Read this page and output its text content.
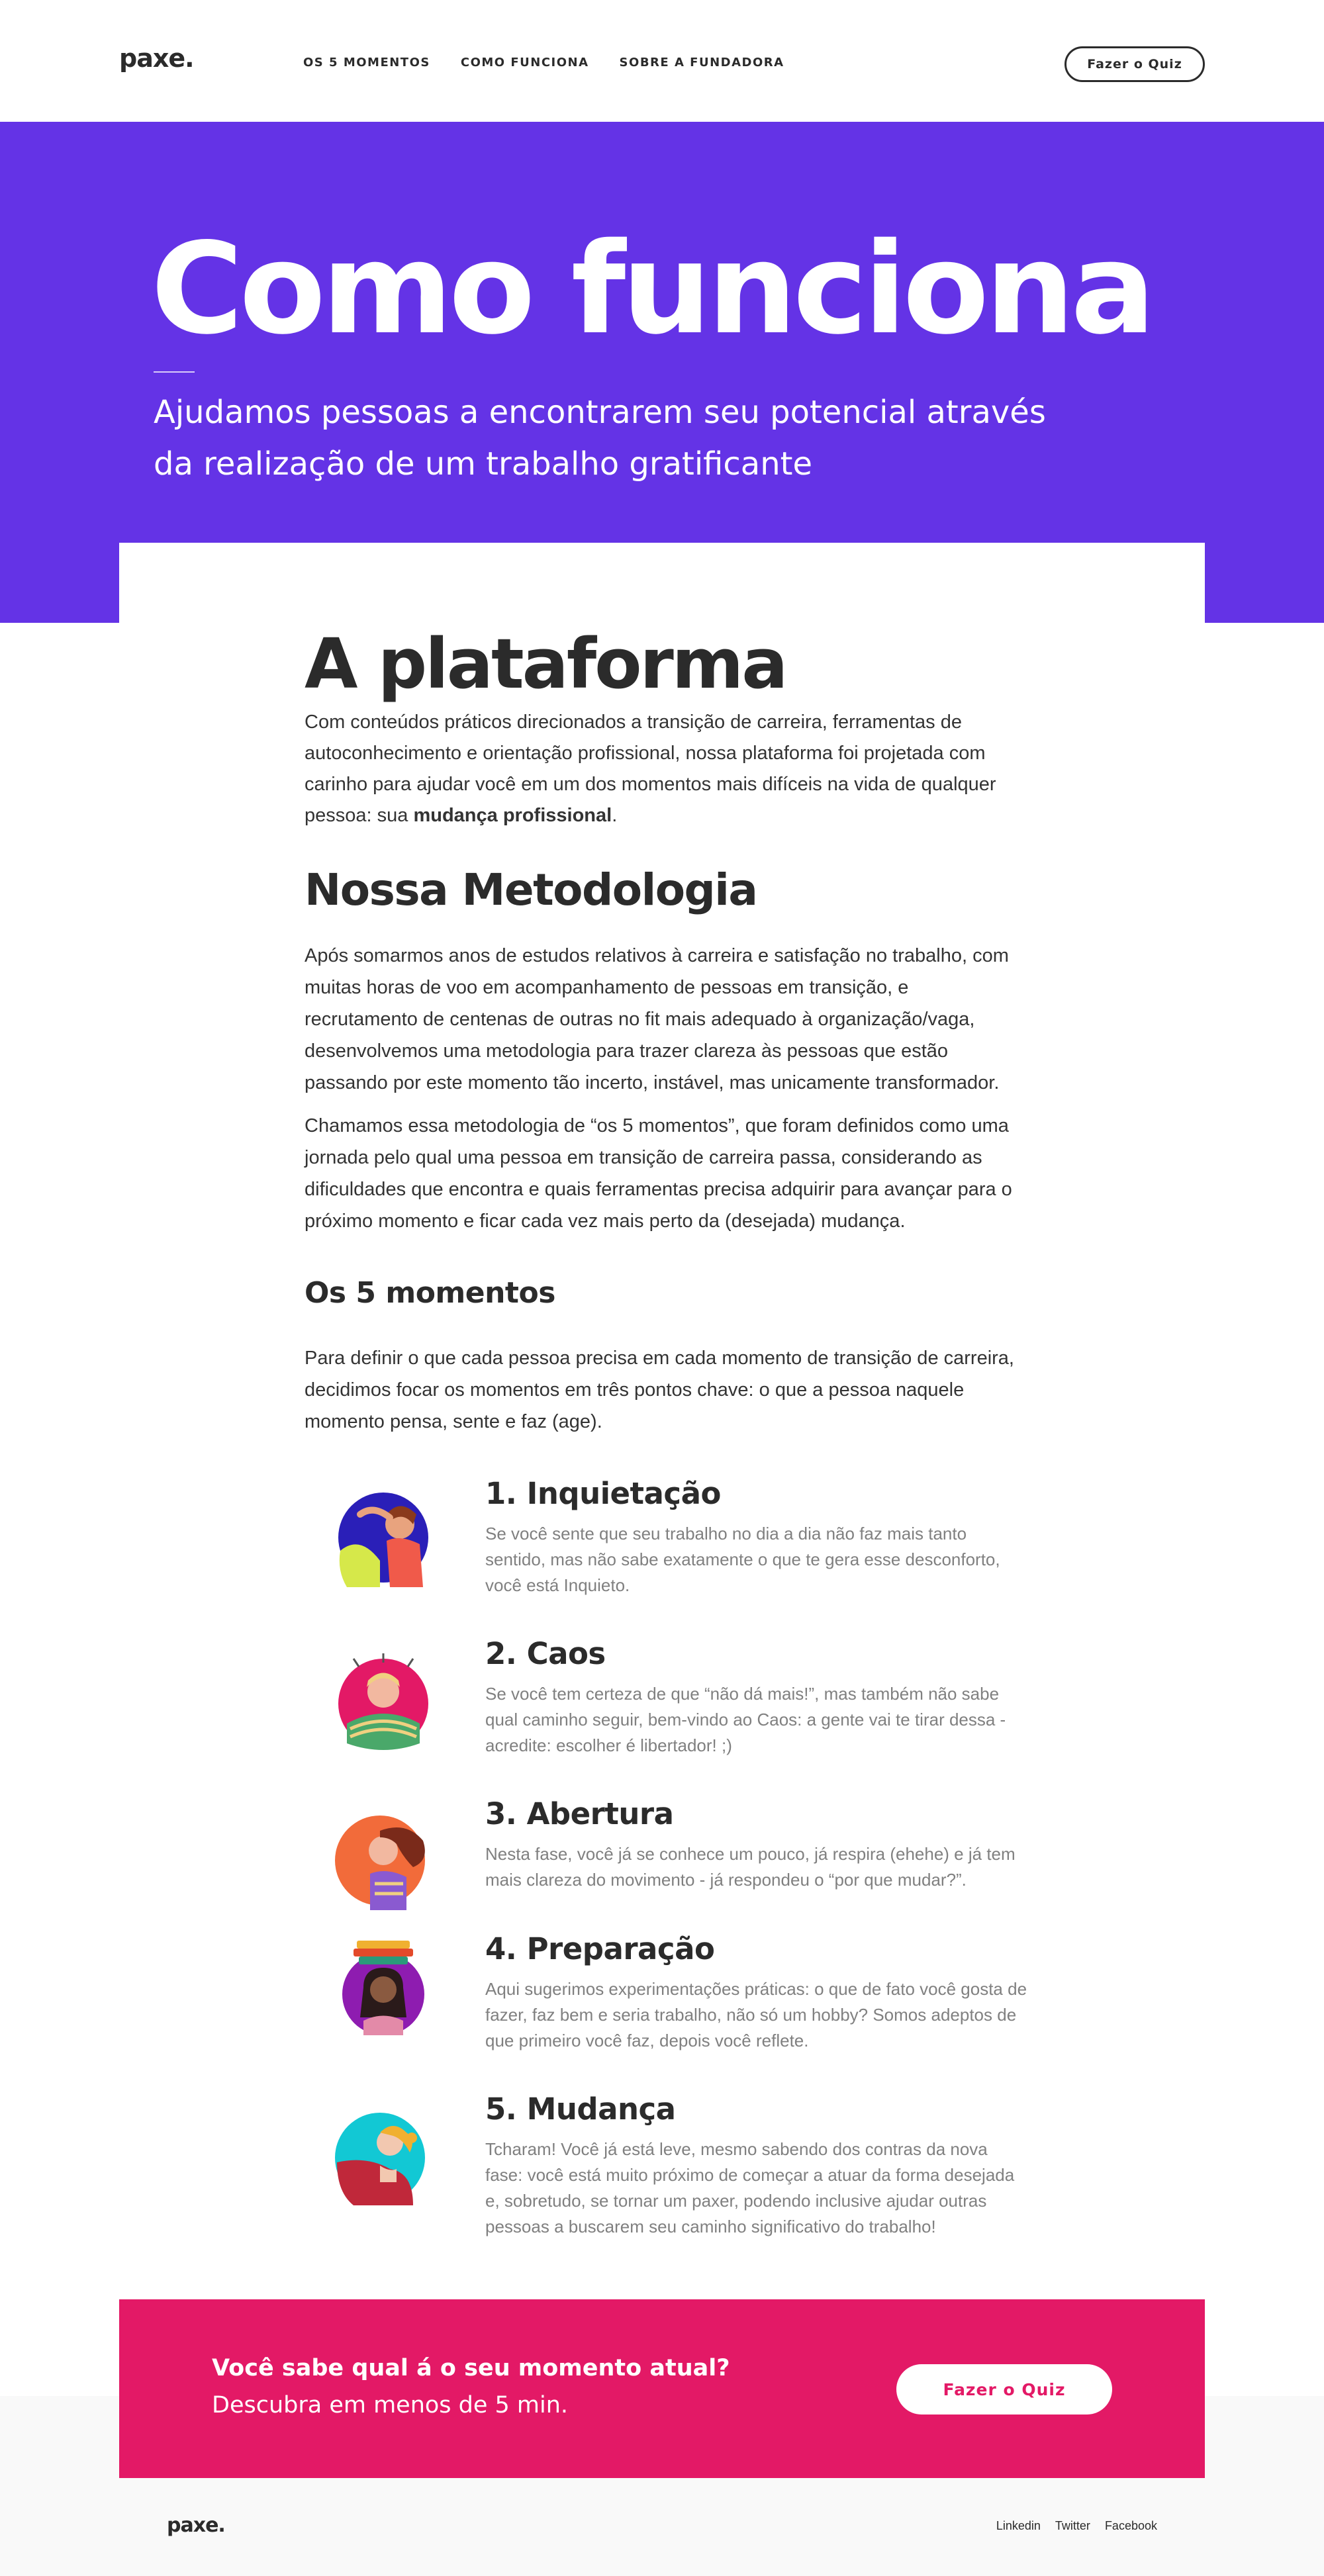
paxe.	OS 5 MOMENTOS	COMO FUNCIONA	SOBRE A FUNDADORA	Fazer o Quiz
Como funciona

Ajudamos pessoas a encontrarem seu potencial através da realização de um trabalho gratificante

A plataforma

Com conteúdos práticos direcionados a transição de carreira, ferramentas de autoconhecimento e orientação profissional, nossa plataforma foi projetada com carinho para ajudar você em um dos momentos mais difíceis na vida de qualquer pessoa: sua mudança profissional.

Nossa Metodologia

Após somarmos anos de estudos relativos à carreira e satisfação no trabalho, com muitas horas de voo em acompanhamento de pessoas em transição, e recrutamento de centenas de outras no fit mais adequado à organização/vaga, desenvolvemos uma metodologia para trazer clareza às pessoas que estão passando por este momento tão incerto, instável, mas unicamente transformador.

Chamamos essa metodologia de “os 5 momentos”, que foram definidos como uma jornada pelo qual uma pessoa em transição de carreira passa, considerando as dificuldades que encontra e quais ferramentas precisa adquirir para avançar para o próximo momento e ficar cada vez mais perto da (desejada) mudança.

Os 5 momentos

Para definir o que cada pessoa precisa em cada momento de transição de carreira, decidimos focar os momentos em três pontos chave: o que a pessoa naquele momento pensa, sente e faz (age).

1. Inquietação
Se você sente que seu trabalho no dia a dia não faz mais tanto sentido, mas não sabe exatamente o que te gera esse desconforto, você está Inquieto.
2. Caos
Se você tem certeza de que “não dá mais!”, mas também não sabe qual caminho seguir, bem-vindo ao Caos: a gente vai te tirar dessa - acredite: escolher é libertador! ;)
3. Abertura
Nesta fase, você já se conhece um pouco, já respira (ehehe) e já tem mais clareza do movimento - já respondeu o “por que mudar?”.
4. Preparação
Aqui sugerimos experimentações práticas: o que de fato você gosta de fazer, faz bem e seria trabalho, não só um hobby? Somos adeptos de que primeiro você faz, depois você reflete.
5. Mudança
Tcharam! Você já está leve, mesmo sabendo dos contras da nova fase: você está muito próximo de começar a atuar da forma desejada e, sobretudo, se tornar um paxer, podendo inclusive ajudar outras pessoas a buscarem seu caminho significativo do trabalho!
Você sabe qual á o seu momento atual?
Descubra em menos de 5 min.
Fazer o Quiz
paxe.	Linkedin Twitter Facebook
